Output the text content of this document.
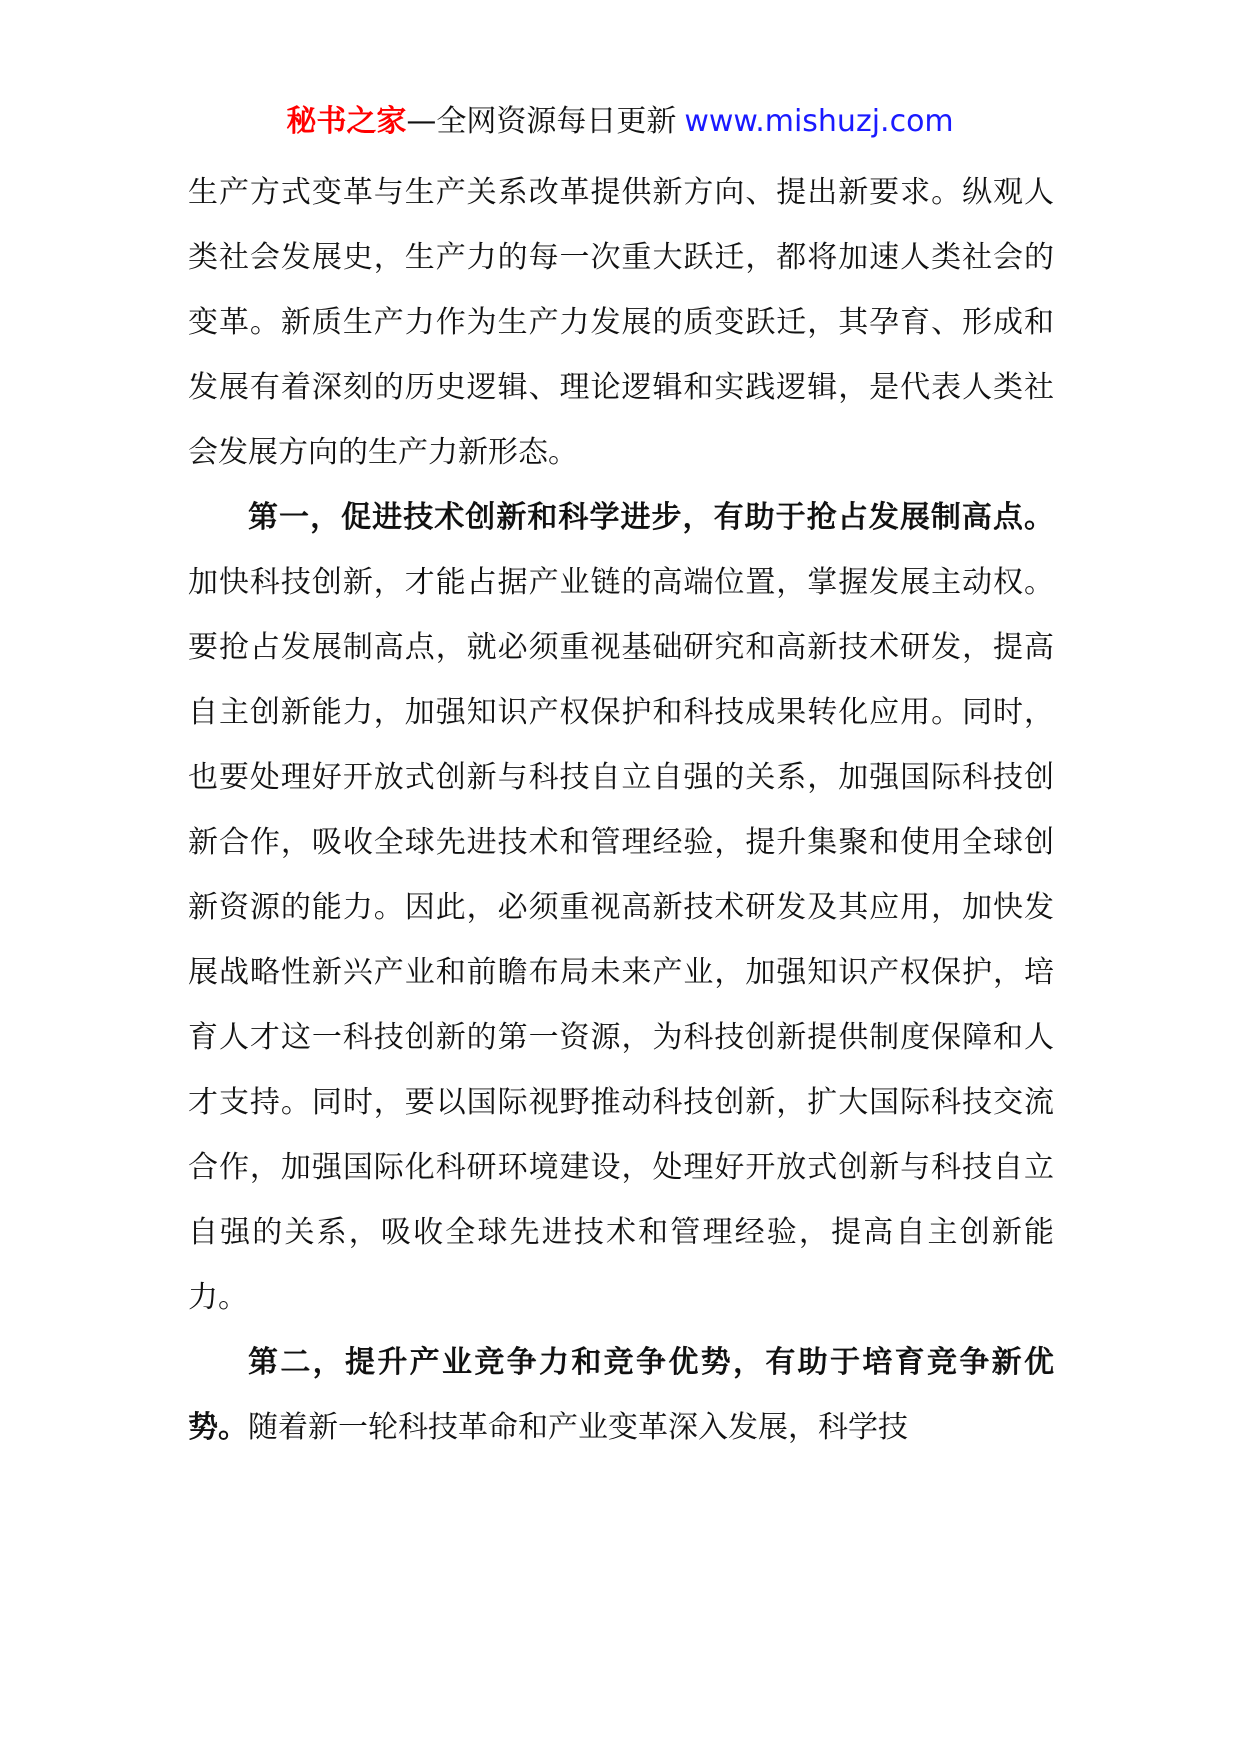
秘书之家—全网资源每日更新 www.mishuzj.com

生产方式变革与生产关系改革提供新方向、提出新要求。纵观人类社会发展史，生产力的每一次重大跃迁，都将加速人类社会的变革。新质生产力作为生产力发展的质变跃迁，其孕育、形成和发展有着深刻的历史逻辑、理论逻辑和实践逻辑，是代表人类社会发展方向的生产力新形态。

第一，促进技术创新和科学进步，有助于抢占发展制高点。加快科技创新，才能占据产业链的高端位置，掌握发展主动权。要抢占发展制高点，就必须重视基础研究和高新技术研发，提高自主创新能力，加强知识产权保护和科技成果转化应用。同时，也要处理好开放式创新与科技自立自强的关系，加强国际科技创新合作，吸收全球先进技术和管理经验，提升集聚和使用全球创新资源的能力。因此，必须重视高新技术研发及其应用，加快发展战略性新兴产业和前瞻布局未来产业，加强知识产权保护，培育人才这一科技创新的第一资源，为科技创新提供制度保障和人才支持。同时，要以国际视野推动科技创新，扩大国际科技交流合作，加强国际化科研环境建设，处理好开放式创新与科技自立自强的关系，吸收全球先进技术和管理经验，提高自主创新能力。

第二，提升产业竞争力和竞争优势，有助于培育竞争新优势。随着新一轮科技革命和产业变革深入发展，科学技
